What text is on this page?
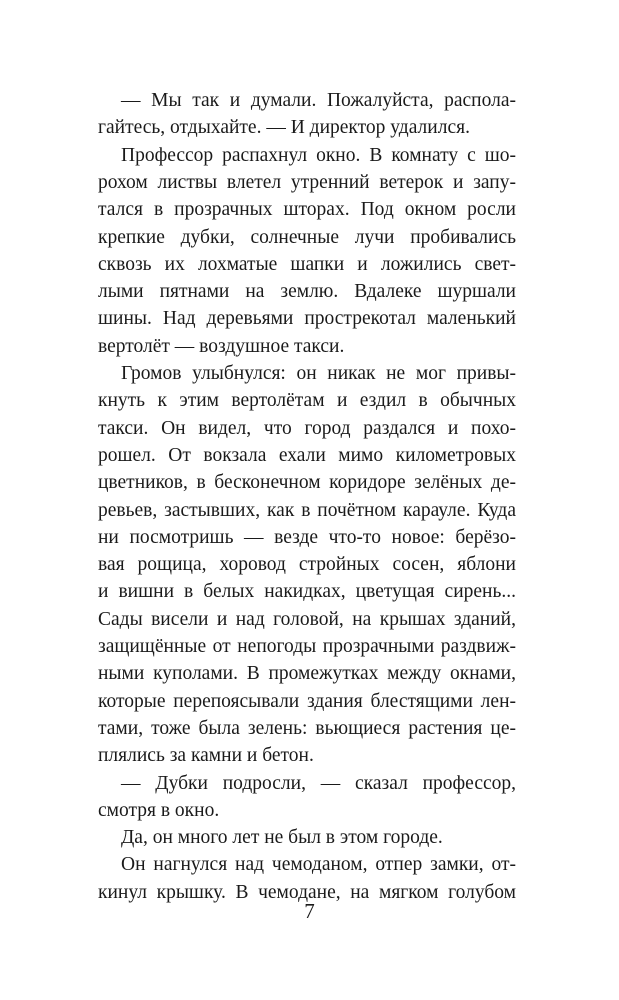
— Мы так и думали. Пожалуйста, распола-
гайтесь, отдыхайте. — И директор удалился.
Профессор распахнул окно. В комнату с шо-
рохом листвы влетел утренний ветерок и запу-
тался в прозрачных шторах. Под окном росли
крепкие дубки, солнечные лучи пробивались
сквозь их лохматые шапки и ложились свет-
лыми пятнами на землю. Вдалеке шуршали
шины. Над деревьями прострекотал маленький
вертолёт — воздушное такси.
Громов улыбнулся: он никак не мог привы-
кнуть к этим вертолётам и ездил в обычных
такси. Он видел, что город раздался и похо-
рошел. От вокзала ехали мимо километровых
цветников, в бесконечном коридоре зелёных де-
ревьев, застывших, как в почётном карауле. Куда
ни посмотришь — везде что-то новое: берёзо-
вая рощица, хоровод стройных сосен, яблони
и вишни в белых накидках, цветущая сирень...
Сады висели и над головой, на крышах зданий,
защищённые от непогоды прозрачными раздвиж-
ными куполами. В промежутках между окнами,
которые перепоясывали здания блестящими лен-
тами, тоже была зелень: вьющиеся растения це-
плялись за камни и бетон.
— Дубки подросли, — сказал профессор,
смотря в окно.
Да, он много лет не был в этом городе.
Он нагнулся над чемоданом, отпер замки, от-
кинул крышку. В чемодане, на мягком голубом
7
